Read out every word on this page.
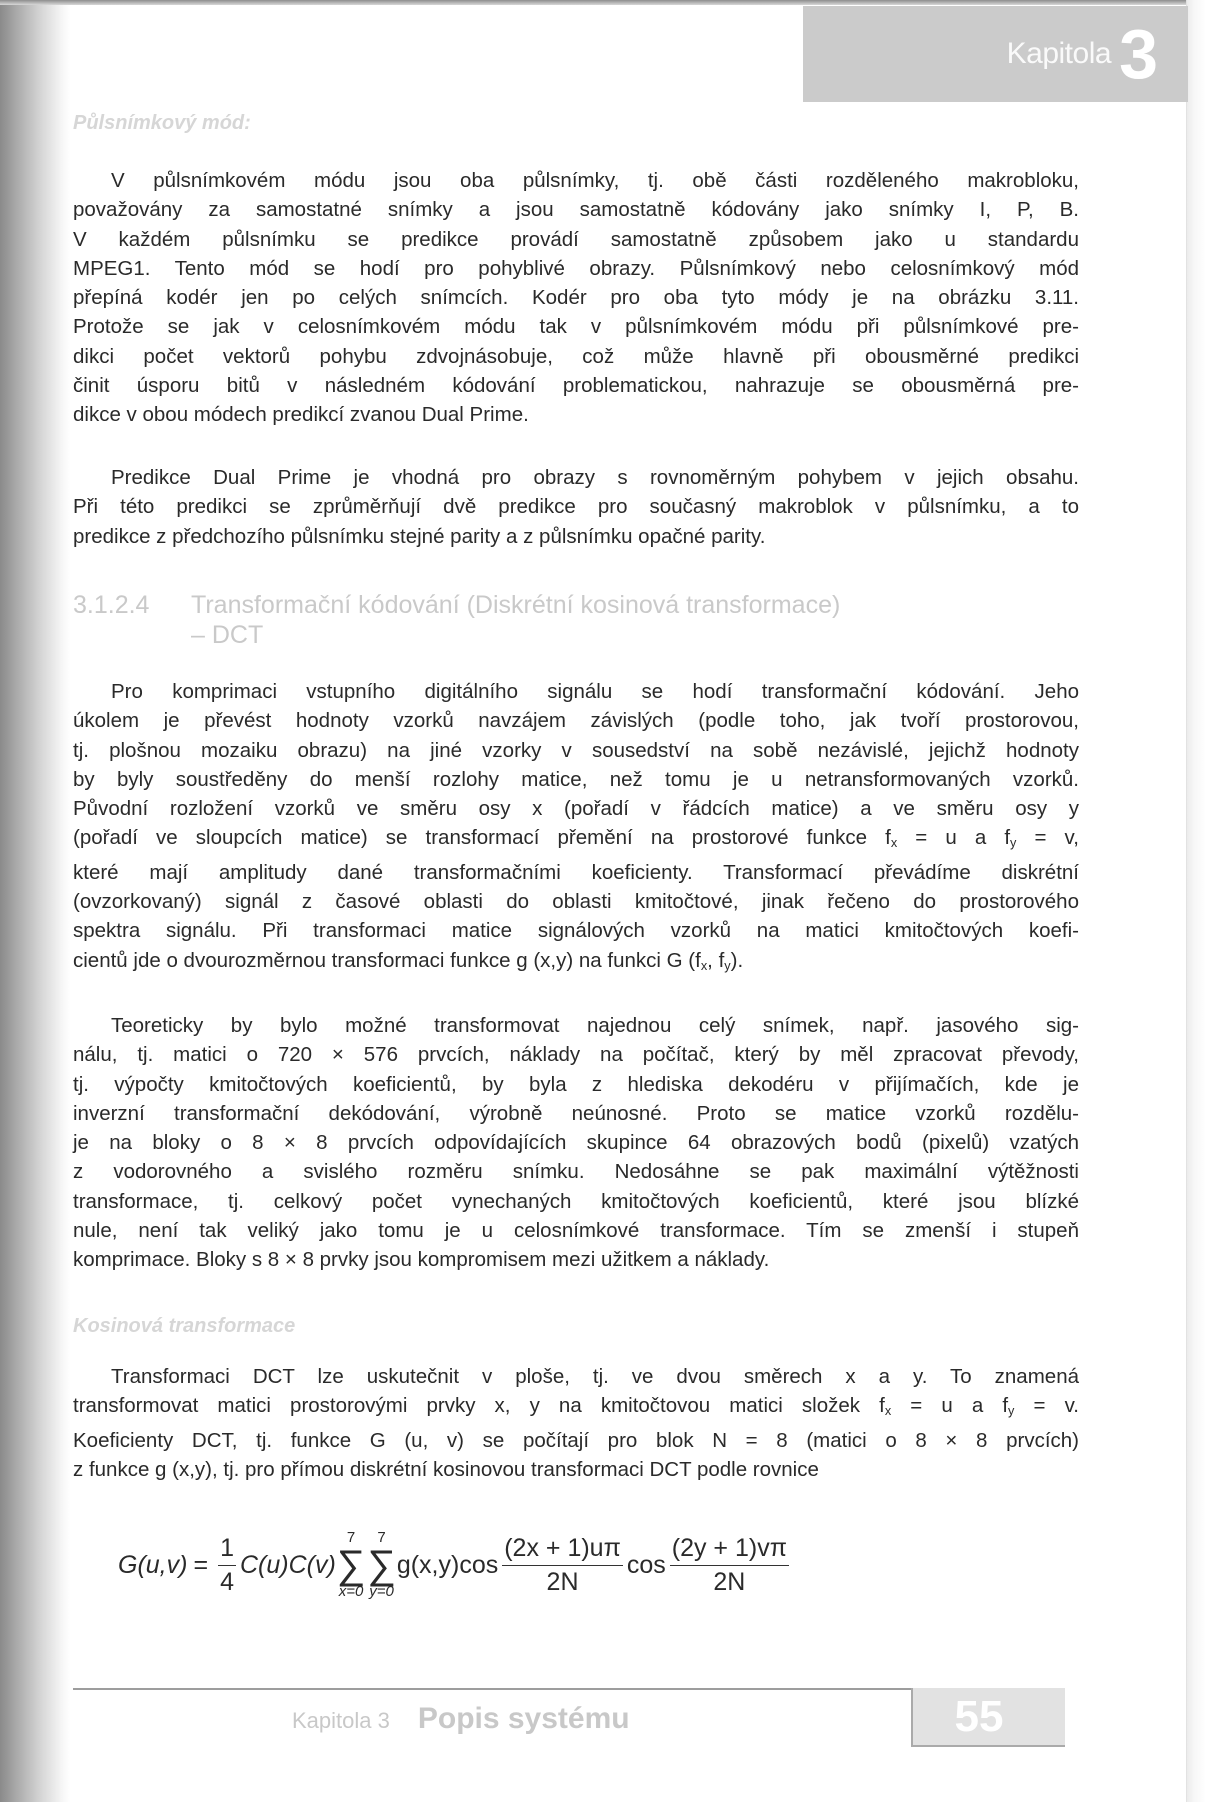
Kapitola 3
Půlsnímkový mód:
V půlsnímkovém módu jsou oba půlsnímky, tj. obě části rozděleného makrobloku,
považovány za samostatné snímky a jsou samostatně kódovány jako snímky I, P, B.
V každém půlsnímku se predikce provádí samostatně způsobem jako u standardu
MPEG1. Tento mód se hodí pro pohyblivé obrazy. Půlsnímkový nebo celosnímkový mód
přepíná kodér jen po celých snímcích. Kodér pro oba tyto módy je na obrázku 3.11.
Protože se jak v celosnímkovém módu tak v půlsnímkovém módu při půlsnímkové pre-
dikci počet vektorů pohybu zdvojnásobuje, což může hlavně při obousměrné predikci
činit úsporu bitů v následném kódování problematickou, nahrazuje se obousměrná pre-
dikce v obou módech predikcí zvanou Dual Prime.
Predikce Dual Prime je vhodná pro obrazy s rovnoměrným pohybem v jejich obsahu.
Při této predikci se zprůměrňují dvě predikce pro současný makroblok v půlsnímku, a to
predikce z předchozího půlsnímku stejné parity a z půlsnímku opačné parity.
3.1.2.4 Transformační kódování (Diskrétní kosinová transformace)
– DCT
Pro komprimaci vstupního digitálního signálu se hodí transformační kódování. Jeho
úkolem je převést hodnoty vzorků navzájem závislých (podle toho, jak tvoří prostorovou,
tj. plošnou mozaiku obrazu) na jiné vzorky v sousedství na sobě nezávislé, jejichž hodnoty
by byly soustředěny do menší rozlohy matice, než tomu je u netransformovaných vzorků.
Původní rozložení vzorků ve směru osy x (pořadí v řádcích matice) a ve směru osy y
(pořadí ve sloupcích matice) se transformací přemění na prostorové funkce $f_x = u$ a $f_y = v$,
které mají amplitudy dané transformačními koeficienty. Transformací převádíme diskrétní
(ovzorkovaný) signál z časové oblasti do oblasti kmitočtové, jinak řečeno do prostorového
spektra signálu. Při transformaci matice signálových vzorků na matici kmitočtových koefi-
cientů jde o dvourozměrnou transformaci funkce g (x,y) na funkci G ($f_x$, $f_y$).
Teoreticky by bylo možné transformovat najednou celý snímek, např. jasového sig-
nálu, tj. matici o 720 × 576 prvcích, náklady na počítač, který by měl zpracovat převody,
tj. výpočty kmitočtových koeficientů, by byla z hlediska dekodéru v přijímačích, kde je
inverzní transformační dekódování, výrobně neúnosné. Proto se matice vzorků rozdělu-
je na bloky o 8 × 8 prvcích odpovídajících skupince 64 obrazových bodů (pixelů) vzatých
z vodorovného a svislého rozměru snímku. Nedosáhne se pak maximální výtěžnosti
transformace, tj. celkový počet vynechaných kmitočtových koeficientů, které jsou blízké
nule, není tak veliký jako tomu je u celosnímkové transformace. Tím se zmenší i stupeň
komprimace. Bloky s 8 × 8 prvky jsou kompromisem mezi užitkem a náklady.
Kosinová transformace
Transformaci DCT lze uskutečnit v ploše, tj. ve dvou směrech x a y. To znamená
transformovat matici prostorovými prvky x, y na kmitočtovou matici složek $f_x = u$ a $f_y = v$.
Koeficienty DCT, tj. funkce G (u, v) se počítají pro blok N = 8 (matici o 8 × 8 prvcích)
z funkce g (x,y), tj. pro přímou diskrétní kosinovou transformaci DCT podle rovnice
$G(u,v) = \frac{1}{4} C(u)C(v)$
7
∑
x=0
7
∑
y=0
$g(x,y)\cos \frac{(2x + 1)u\pi}{2N}$ $\cos \frac{(2y + 1)v\pi}{2N}$
Kapitola 3 Popis systému	55
